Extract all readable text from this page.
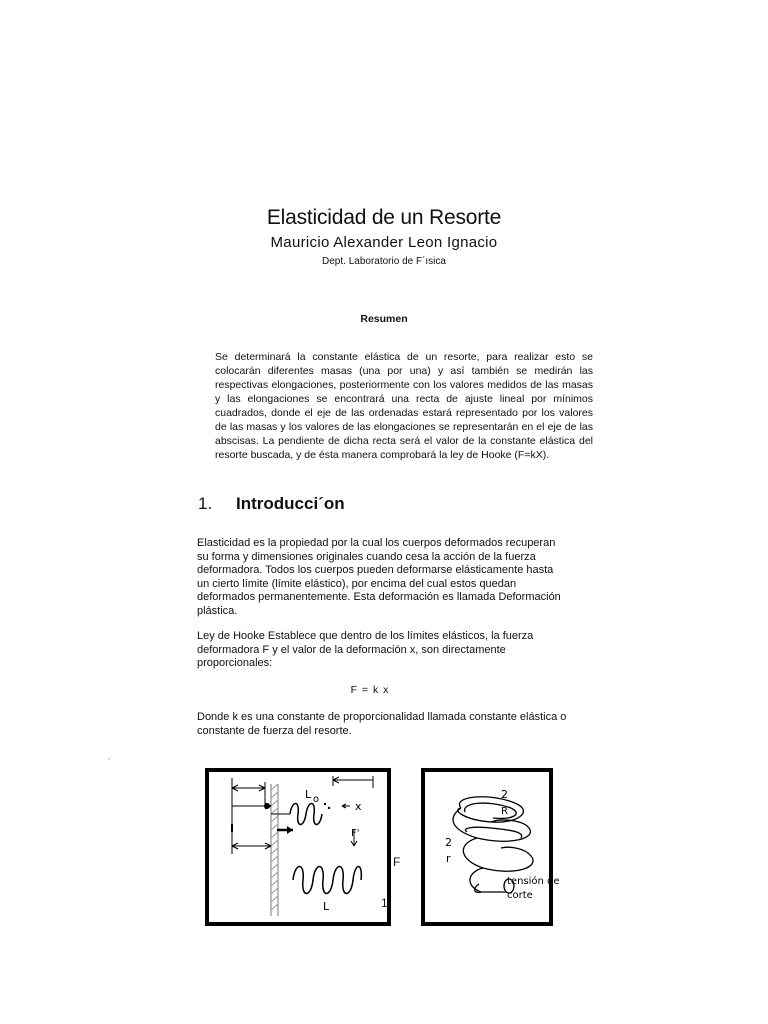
Elasticidad de un Resorte
Mauricio Alexander Leon Ignacio
Dept. Laboratorio de F´ısica
Resumen
Se determinará la constante elástica de un resorte, para realizar esto se colocarán diferentes masas (una por una) y así también se medirán las respectivas elongaciones, posteriormente con los valores medidos de las masas y las elongaciones se encontrará una recta de ajuste lineal por mínimos cuadrados, donde el eje de las ordenadas estará representado por los valores de las masas y los valores de las elongaciones se representarán en el eje de las abscisas. La pendiente de dicha recta será el valor de la constante elástica del resorte buscada, y de ésta manera comprobará la ley de Hooke (F=kX).
1. Introducci´on
Elasticidad es la propiedad por la cual los cuerpos deformados recuperan su forma y dimensiones originales cuando cesa la acción de la fuerza deformadora. Todos los cuerpos pueden deformarse elásticamente hasta un cierto límite (límite elástico), por encima del cual estos quedan deformados permanentemente. Esta deformación es llamada Deformación plástica.
Ley de Hooke Establece que dentro de los límites elásticos, la fuerza deformadora F y el valor de la deformación x, son directamente proporcionales:
F = k x
Donde k es una constante de proporcionalidad llamada constante elástica o constante de fuerza del resorte.
,
L o
x
F'
L
F
1
2
R
2
r
tensión de
corte
